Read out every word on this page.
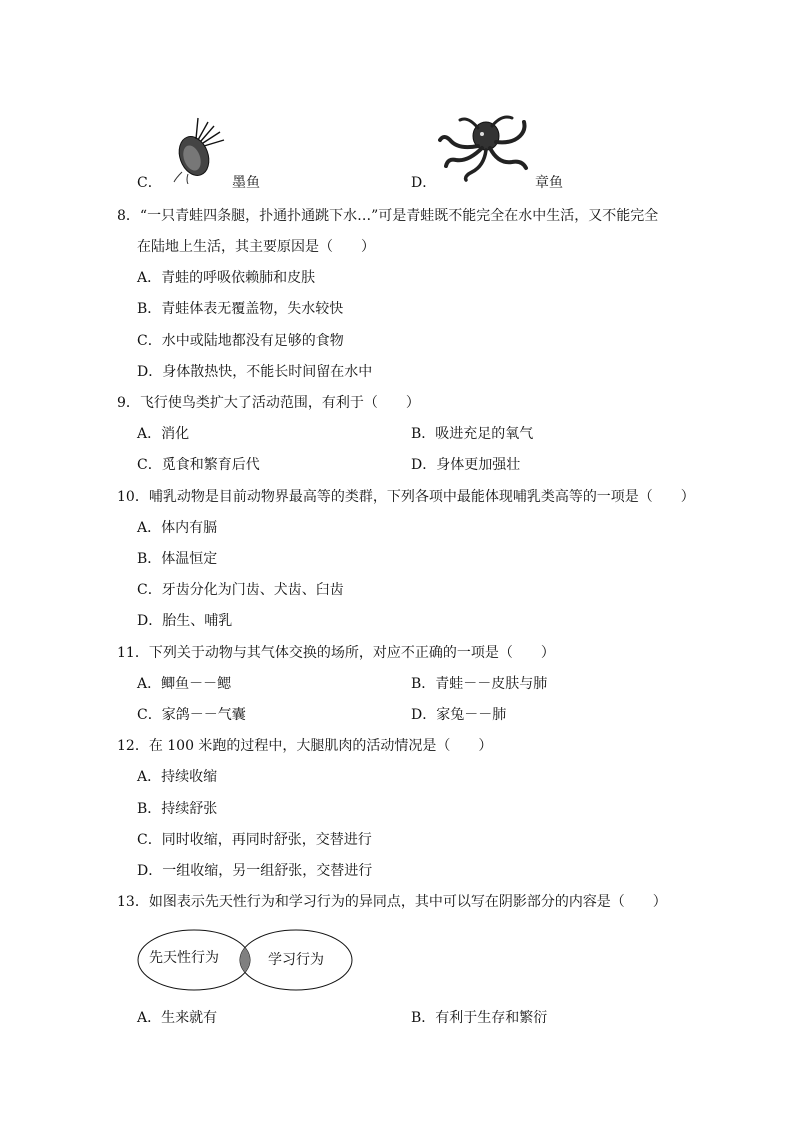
C．	墨鱼	D．	章鱼
8．“一只青蛙四条腿，扑通扑通跳下水…”可是青蛙既不能完全在水中生活，又不能完全
在陆地上生活，其主要原因是（　　）
A．青蛙的呼吸依赖肺和皮肤
B．青蛙体表无覆盖物，失水较快
C．水中或陆地都没有足够的食物
D．身体散热快，不能长时间留在水中
9．飞行使鸟类扩大了活动范围，有利于（　　）
A．消化	B．吸进充足的氧气
C．觅食和繁育后代	D．身体更加强壮
10．哺乳动物是目前动物界最高等的类群，下列各项中最能体现哺乳类高等的一项是（　　）
A．体内有膈
B．体温恒定
C．牙齿分化为门齿、犬齿、臼齿
D．胎生、哺乳
11．下列关于动物与其气体交换的场所，对应不正确的一项是（　　）
A．鲫鱼－－鳃	B．青蛙－－皮肤与肺
C．家鸽－－气囊	D．家兔－－肺
12．在 100 米跑的过程中，大腿肌肉的活动情况是（　　）
A．持续收缩
B．持续舒张
C．同时收缩，再同时舒张，交替进行
D．一组收缩，另一组舒张，交替进行
13．如图表示先天性行为和学习行为的异同点，其中可以写在阴影部分的内容是（　　）
先天性行为	学习行为
A．生来就有	B．有利于生存和繁衍
